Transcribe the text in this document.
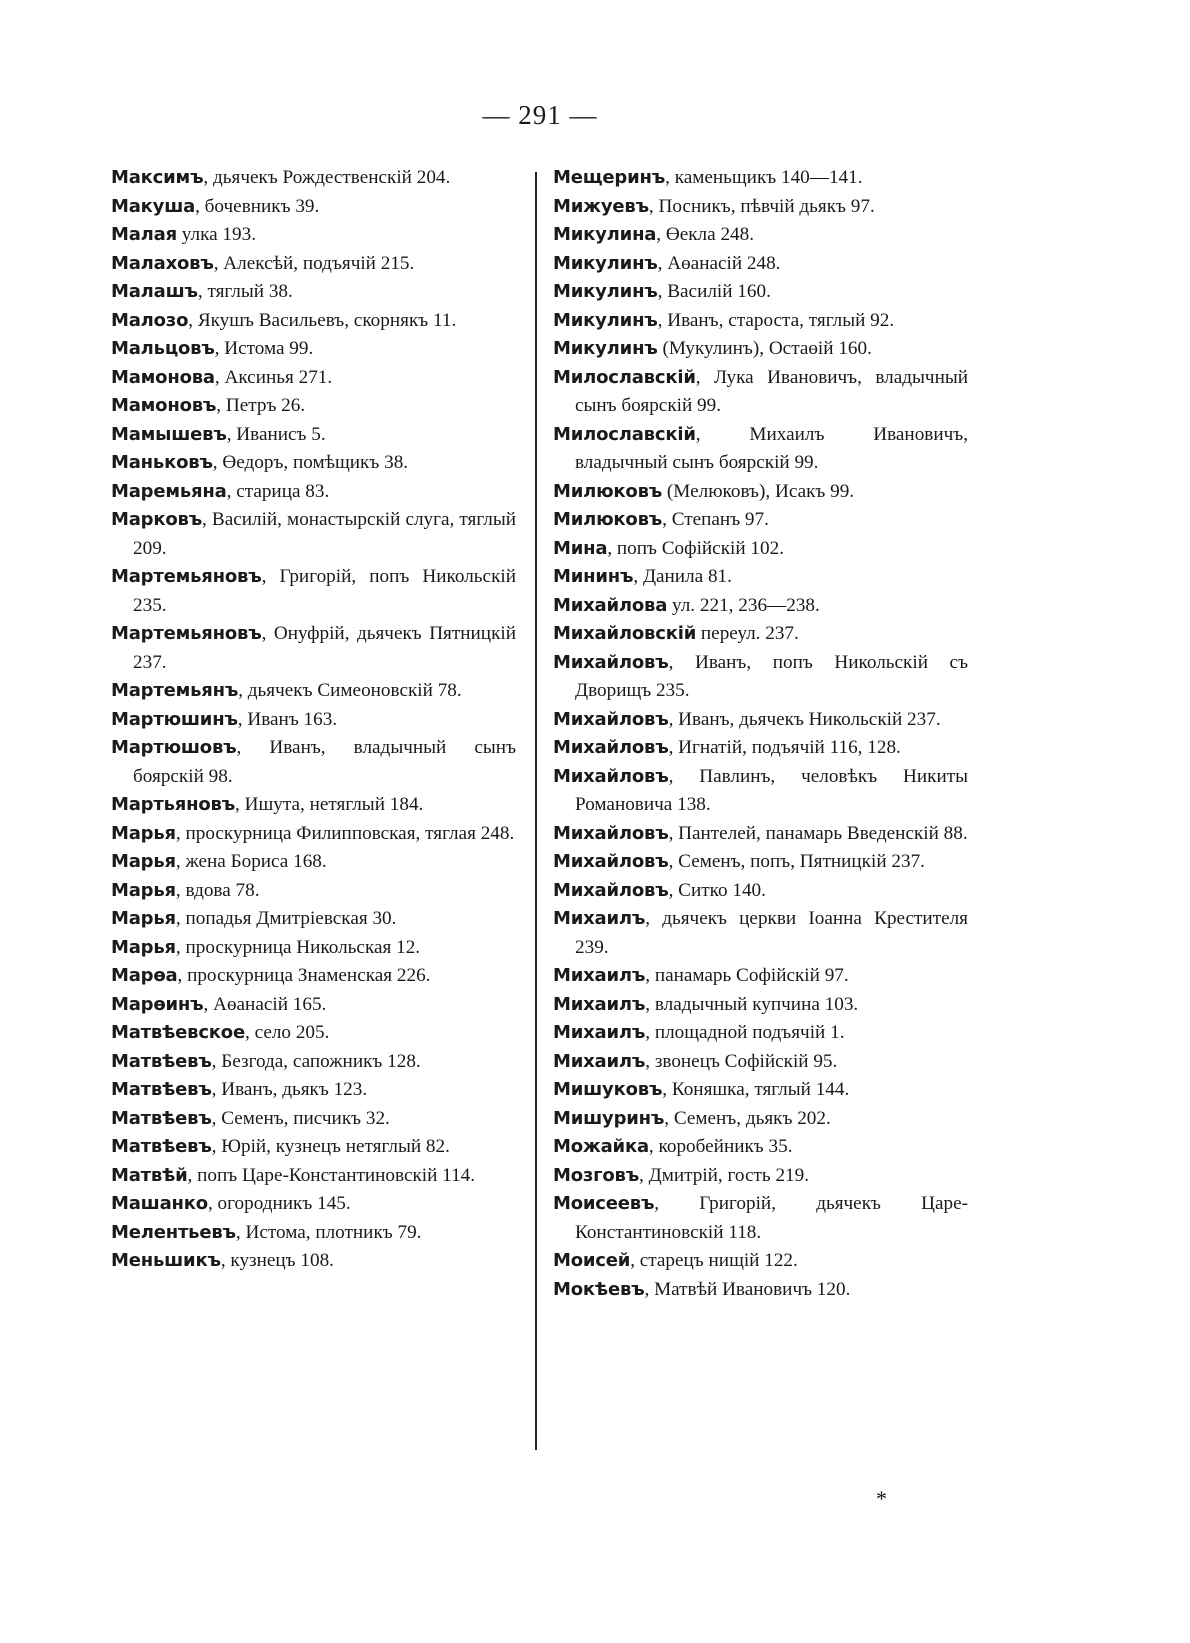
— 291 —

Максимъ, дьячекъ Рождественскій 204.

Макуша, бочевникъ 39.

Малая улка 193.

Малаховъ, Алексѣй, подъячій 215.

Малашъ, тяглый 38.

Малозо, Якушъ Васильевъ, скорнякъ 11.

Мальцовъ, Истома 99.

Мамонова, Аксинья 271.

Мамоновъ, Петръ 26.

Мамышевъ, Иванисъ 5.

Маньковъ, Өедоръ, помѣщикъ 38.

Маремьяна, старица 83.

Марковъ, Василій, монастырскій слуга, тяглый 209.

Мартемьяновъ, Григорій, попъ Никольскій 235.

Мартемьяновъ, Онуфрій, дьячекъ Пятницкій 237.

Мартемьянъ, дьячекъ Симеоновскій 78.

Мартюшинъ, Иванъ 163.

Мартюшовъ, Иванъ, владычный сынъ боярскій 98.

Мартьяновъ, Ишута, нетяглый 184.

Марья, проскурница Филипповская, тяглая 248.

Марья, жена Бориса 168.

Марья, вдова 78.

Марья, попадья Дмитріевская 30.

Марья, проскурница Никольская 12.

Марөа, проскурница Знаменская 226.

Марөинъ, Аөанасій 165.

Матвѣевское, село 205.

Матвѣевъ, Безгода, сапожникъ 128.

Матвѣевъ, Иванъ, дьякъ 123.

Матвѣевъ, Семенъ, писчикъ 32.

Матвѣевъ, Юрій, кузнецъ нетяглый 82.

Матвѣй, попъ Царе-Константиновскій 114.

Машанко, огородникъ 145.

Мелентьевъ, Истома, плотникъ 79.

Меньшикъ, кузнецъ 108.

Мещеринъ, каменьщикъ 140—141.

Мижуевъ, Посникъ, пѣвчій дьякъ 97.

Микулина, Өекла 248.

Микулинъ, Аөанасій 248.

Микулинъ, Василій 160.

Микулинъ, Иванъ, староста, тяглый 92.

Микулинъ (Мукулинъ), Остаөій 160.

Милославскій, Лука Ивановичъ, владычный сынъ боярскій 99.

Милославскій, Михаилъ Ивановичъ, владычный сынъ боярскій 99.

Милюковъ (Мелюковъ), Исакъ 99.

Милюковъ, Степанъ 97.

Мина, попъ Софійскій 102.

Мининъ, Данила 81.

Михайлова ул. 221, 236—238.

Михайловскій переул. 237.

Михайловъ, Иванъ, попъ Никольскій съ Дворищъ 235.

Михайловъ, Иванъ, дьячекъ Никольскій 237.

Михайловъ, Игнатій, подъячій 116, 128.

Михайловъ, Павлинъ, человѣкъ Никиты Романовича 138.

Михайловъ, Пантелей, панамарь Введенскій 88.

Михайловъ, Семенъ, попъ, Пятницкій 237.

Михайловъ, Ситко 140.

Михаилъ, дьячекъ церкви Іоанна Крестителя 239.

Михаилъ, панамарь Софійскій 97.

Михаилъ, владычный купчина 103.

Михаилъ, площадной подъячій 1.

Михаилъ, звонецъ Софійскій 95.

Мишуковъ, Коняшка, тяглый 144.

Мишуринъ, Семенъ, дьякъ 202.

Можайка, коробейникъ 35.

Мозговъ, Дмитрій, гость 219.

Моисеевъ, Григорій, дьячекъ Царе-Константиновскій 118.

Моисей, старецъ нищій 122.

Мокѣевъ, Матвѣй Ивановичъ 120.

*
